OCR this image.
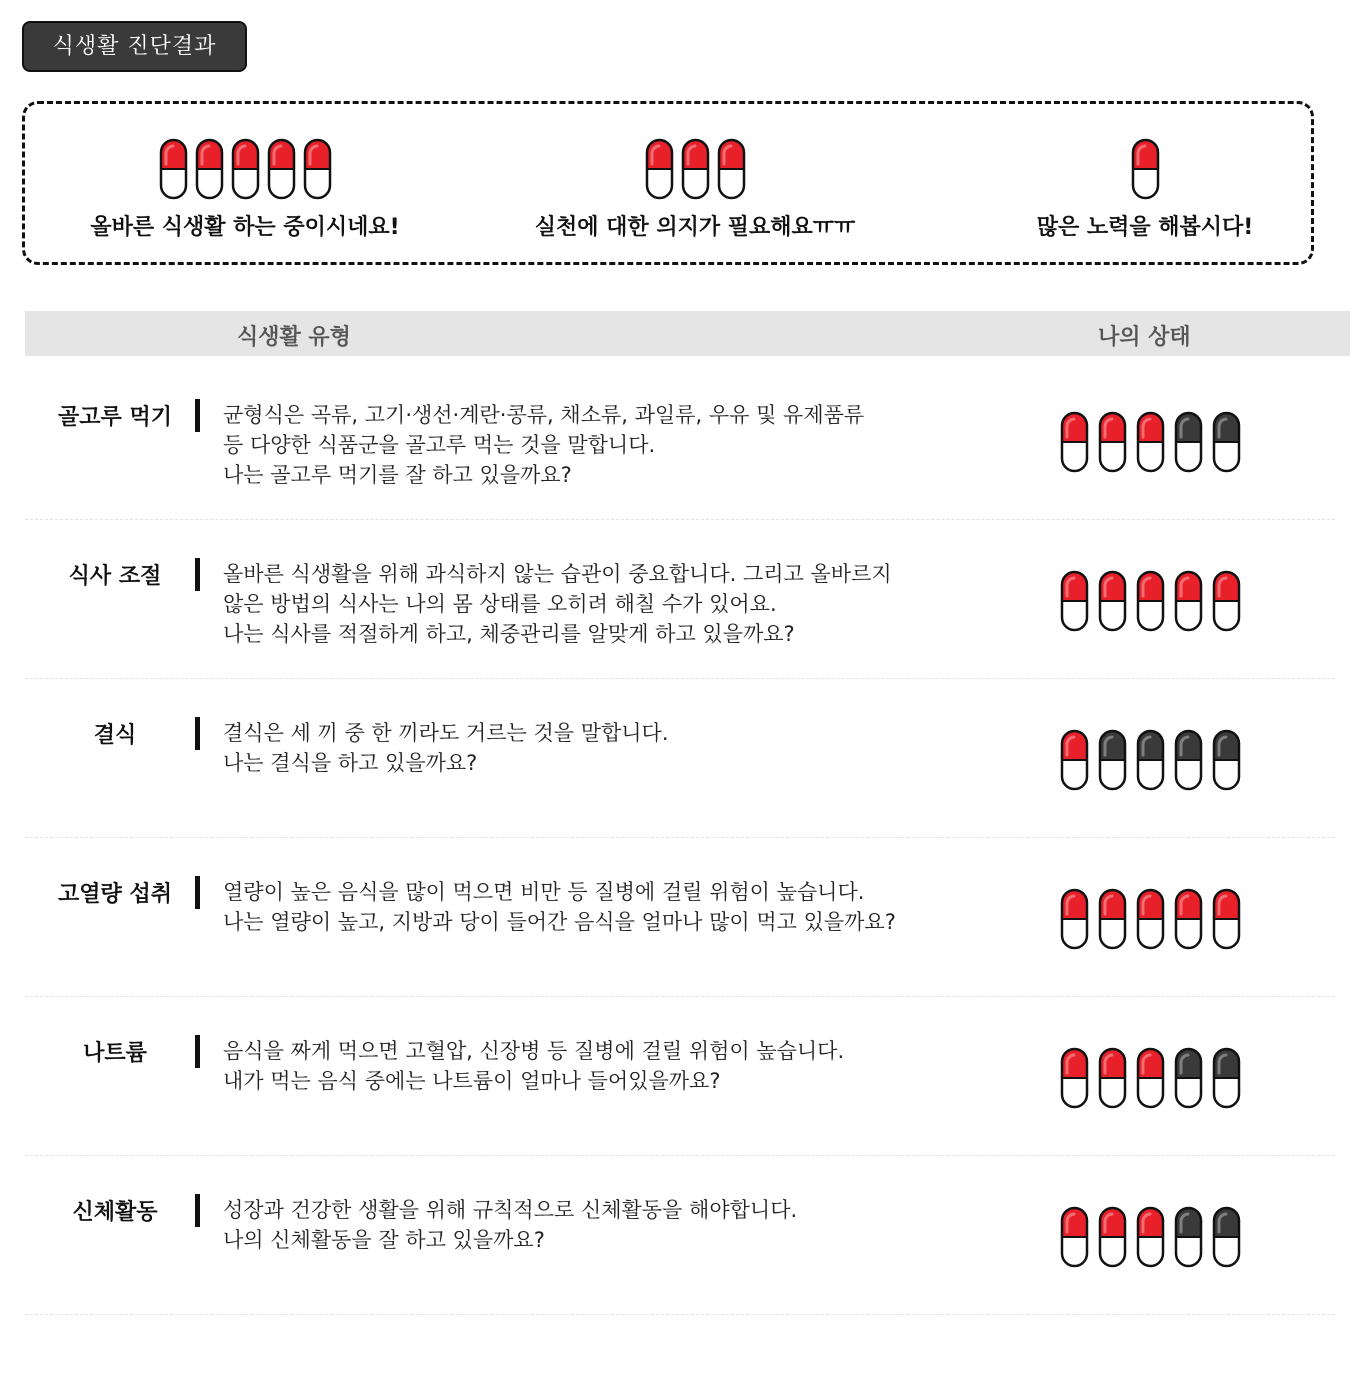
식생활 진단결과
올바른 식생활 하는 중이시네요!	실천에 대한 의지가 필요해요ㅠㅠ	많은 노력을 해봅시다!
식생활 유형	나의 상태
골고루 먹기	균형식은 곡류, 고기·생선·계란·콩류, 채소류, 과일류, 우유 및 유제품류
등 다양한 식품군을 골고루 먹는 것을 말합니다.
나는 골고루 먹기를 잘 하고 있을까요?
식사 조절	올바른 식생활을 위해 과식하지 않는 습관이 중요합니다. 그리고 올바르지
않은 방법의 식사는 나의 몸 상태를 오히려 해칠 수가 있어요.
나는 식사를 적절하게 하고, 체중관리를 알맞게 하고 있을까요?
결식	결식은 세 끼 중 한 끼라도 거르는 것을 말합니다.
나는 결식을 하고 있을까요?
고열량 섭취	열량이 높은 음식을 많이 먹으면 비만 등 질병에 걸릴 위험이 높습니다.
나는 열량이 높고, 지방과 당이 들어간 음식을 얼마나 많이 먹고 있을까요?
나트륨	음식을 짜게 먹으면 고혈압, 신장병 등 질병에 걸릴 위험이 높습니다.
내가 먹는 음식 중에는 나트륨이 얼마나 들어있을까요?
신체활동	성장과 건강한 생활을 위해 규칙적으로 신체활동을 해야합니다.
나의 신체활동을 잘 하고 있을까요?
